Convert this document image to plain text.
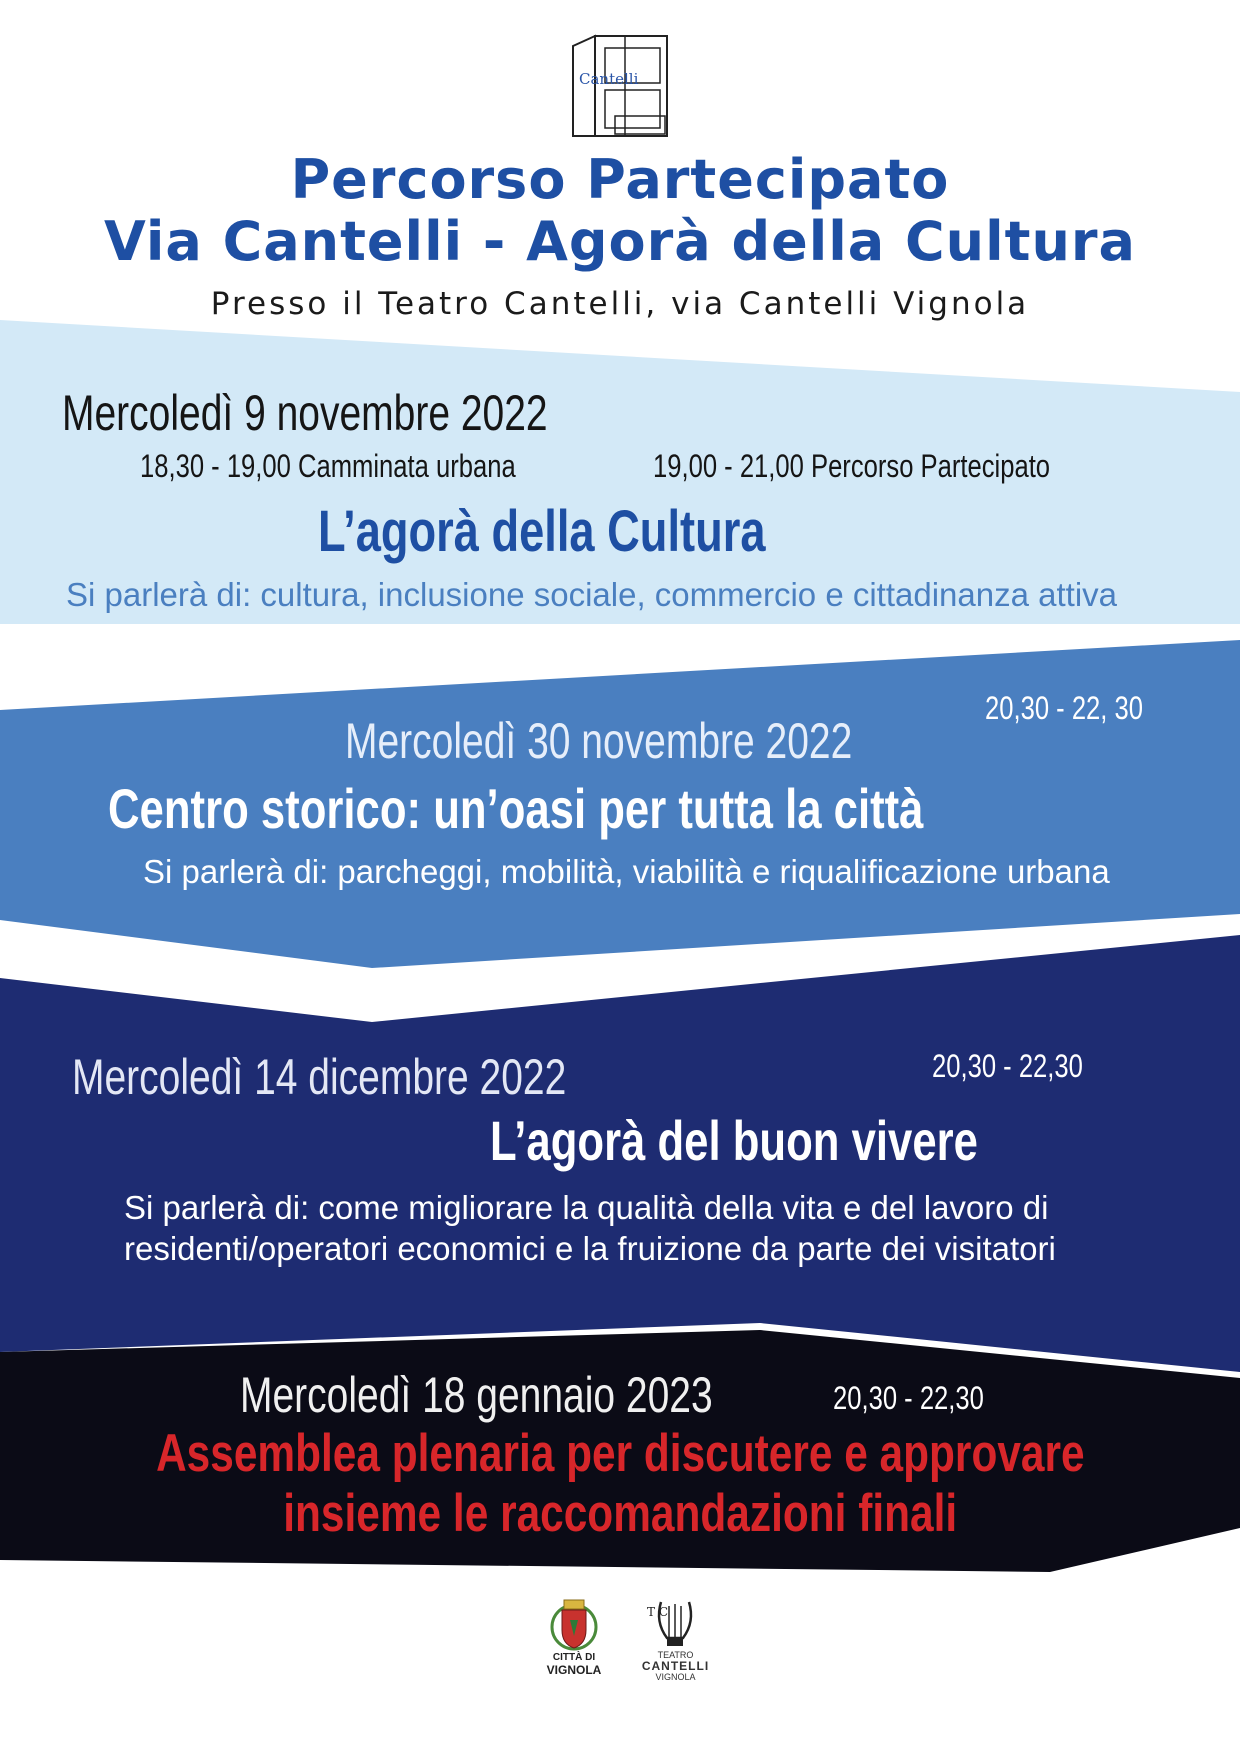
Cantelli
Percorso Partecipato
Via Cantelli - Agorà della Cultura
Presso il Teatro Cantelli, via Cantelli Vignola
Mercoledì 9 novembre 2022
18,30 - 19,00 Camminata urbana	19,00 - 21,00 Percorso Partecipato
L’agorà della Cultura
Si parlerà di: cultura, inclusione sociale, commercio e cittadinanza attiva
Mercoledì 30 novembre 2022
20,30 - 22, 30
Centro storico: un’oasi per tutta la città
Si parlerà di: parcheggi, mobilità, viabilità e riqualificazione urbana
Mercoledì 14 dicembre 2022	20,30 - 22,30
L’agorà del buon vivere
Si parlerà di: come migliorare la qualità della vita e del lavoro di
residenti/operatori economici e la fruizione da parte dei visitatori
Mercoledì 18 gennaio 2023	20,30 - 22,30
Assemblea plenaria per discutere e approvare
insieme le raccomandazioni finali
CITTÀ DI
VIGNOLA
T C
TEATRO
CANTELLI
VIGNOLA
